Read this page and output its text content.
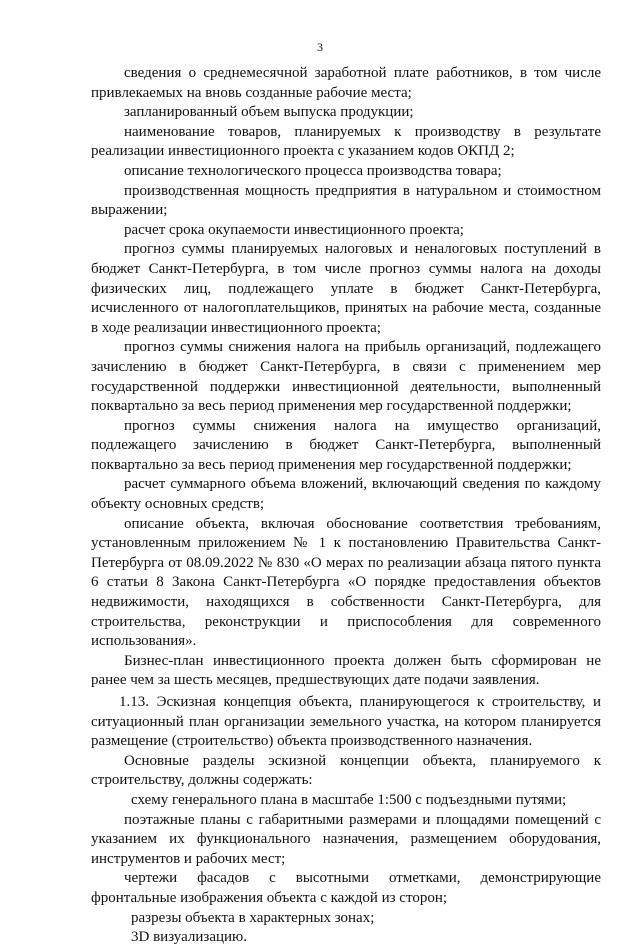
3

сведения о среднемесячной заработной плате работников, в том числе привлекаемых на вновь созданные рабочие места;

запланированный объем выпуска продукции;

наименование товаров, планируемых к производству в результате реализации инвестиционного проекта с указанием кодов ОКПД 2;

описание технологического процесса производства товара;

производственная мощность предприятия в натуральном и стоимостном выражении;

расчет срока окупаемости инвестиционного проекта;

прогноз суммы планируемых налоговых и неналоговых поступлений в бюджет Санкт-Петербурга, в том числе прогноз суммы налога на доходы физических лиц, подлежащего уплате в бюджет Санкт-Петербурга, исчисленного от налогоплательщиков, принятых на рабочие места, созданные в ходе реализации инвестиционного проекта;

прогноз суммы снижения налога на прибыль организаций, подлежащего зачислению в бюджет Санкт-Петербурга, в связи с применением мер государственной поддержки инвестиционной деятельности, выполненный поквартально за весь период применения мер государственной поддержки;

прогноз суммы снижения налога на имущество организаций, подлежащего зачислению в бюджет Санкт-Петербурга, выполненный поквартально за весь период применения мер государственной поддержки;

расчет суммарного объема вложений, включающий сведения по каждому объекту основных средств;

описание объекта, включая обоснование соответствия требованиям, установленным приложением № 1 к постановлению Правительства Санкт-Петербурга от 08.09.2022 № 830 «О мерах по реализации абзаца пятого пункта 6 статьи 8 Закона Санкт-Петербурга «О порядке предоставления объектов недвижимости, находящихся в собственности Санкт-Петербурга, для строительства, реконструкции и приспособления для современного использования».

Бизнес-план инвестиционного проекта должен быть сформирован не ранее чем за шесть месяцев, предшествующих дате подачи заявления.

1.13. Эскизная концепция объекта, планирующегося к строительству, и ситуационный план организации земельного участка, на котором планируется размещение (строительство) объекта производственного назначения.

Основные разделы эскизной концепции объекта, планируемого к строительству, должны содержать:

схему генерального плана в масштабе 1:500 с подъездными путями;

поэтажные планы с габаритными размерами и площадями помещений с указанием их функционального назначения, размещением оборудования, инструментов и рабочих мест;

чертежи фасадов с высотными отметками, демонстрирующие фронтальные изображения объекта с каждой из сторон;

разрезы объекта в характерных зонах;

3D визуализацию.
